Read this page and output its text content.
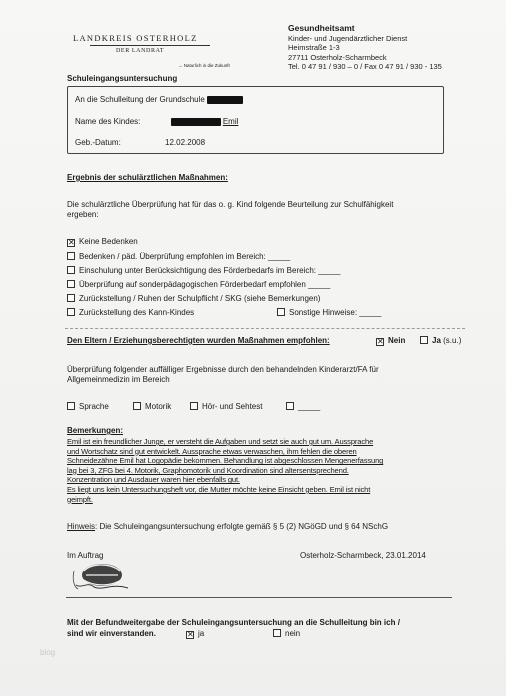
LANDKREIS OSTERHOLZ
DER LANDRAT
→ Naturlich in die Zukunft
Gesundheitsamt
Kinder- und Jugendärztlicher Dienst
Heimstraße 1-3
27711 Osterholz-Scharmbeck
Tel. 0 47 91 / 930 – 0 / Fax 0 47 91 / 930 - 135
Schuleingangsuntersuchung
An die Schulleitung der Grundschule
Name des Kindes:	Emil
Geb.-Datum:	12.02.2008
Ergebnis der schulärztlichen Maßnahmen:
Die schulärztliche Überprüfung hat für das o. g. Kind folgende Beurteilung zur Schulfähigkeit
ergeben:
✕ Keine Bedenken
Bedenken / päd. Überprüfung empfohlen im Bereich: _____
Einschulung unter Berücksichtigung des Förderbedarfs im Bereich: _____
Überprüfung auf sonderpädagogischen Förderbedarf empfohlen _____
Zurückstellung / Ruhen der Schulpflicht / SKG (siehe Bemerkungen)
Zurückstellung des Kann-Kindes	Sonstige Hinweise: _____
Den Eltern / Erziehungsberechtigten wurden Maßnahmen empfohlen:	✕ Nein	Ja (s.u.)
Überprüfung folgender auffälliger Ergebnisse durch den behandelnden Kinderarzt/FA für
Allgemeinmedizin im Bereich
Sprache	Motorik	Hör- und Sehtest	_____
Bemerkungen:
Emil ist ein freundlicher Junge, er versteht die Aufgaben und setzt sie auch gut um. Aussprache
und Wortschatz sind gut entwickelt. Aussprache etwas verwaschen, ihm fehlen die oberen
Schneidezähne Emil hat Logopädie bekommen. Behandlung ist abgeschlossen Mengenerfassung
lag bei 3, ZFG bei 4. Motorik, Graphomotorik und Koordination sind altersentsprechend.
Konzentration und Ausdauer waren hier ebenfalls gut.
Es liegt uns kein Untersuchungsheft vor, die Mutter möchte keine Einsicht geben. Emil ist nicht
geimpft.
Hinweis: Die Schuleingangsuntersuchung erfolgte gemäß § 5 (2) NGöGD und § 64 NSchG
Im Auftrag	Osterholz-Scharmbeck, 23.01.2014
Mit der Befundweitergabe der Schuleingangsuntersuchung an die Schulleitung bin ich /
sind wir einverstanden.	✕ ja	nein
blog
